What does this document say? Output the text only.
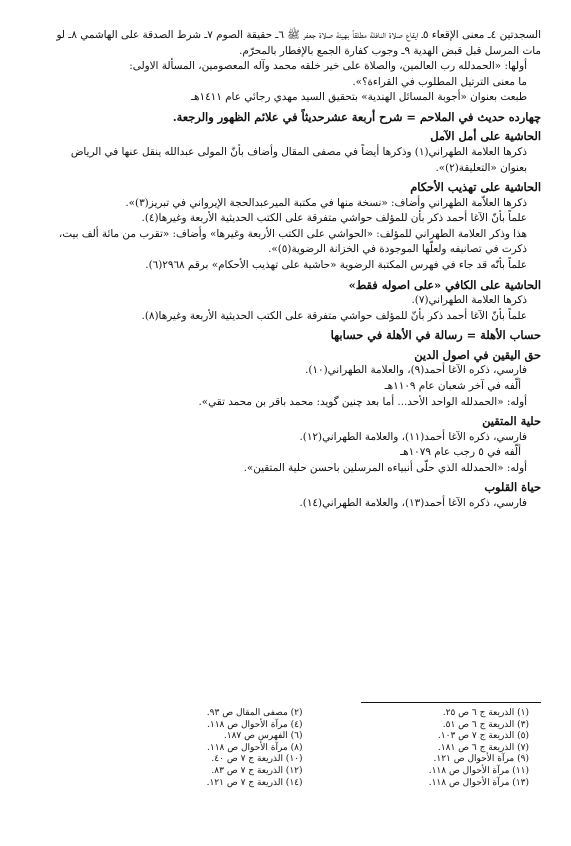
السجدتين ٤ـ معنى الإقعاء ٥ـ ايقاع صلاة النافلة مطلقاً بهيئة صلاة جعفر ﷺ ٦ـ حقيقة الصوم ٧ـ شرط الصدقة على الهاشمي ٨ـ لو مات المرسل قبل قبض الهدية ٩ـ وجوب كفارة الجمع بالإفطار بالمحرّم.

أولها: «الحمدلله رب العالمين، والصلاة على خير خلقه محمد وآله المعصومين، المسألة الاولى:

ما معنى الترتيل المطلوب في القراءة؟».

طبعت بعنوان «أجوبة المسائل الهندية» بتحقيق السيد مهدي رجائي عام ١٤١١هـ

چهارده حديث في الملاحم = شرح أربعة عشرحديثاً في علائم الظهور والرجعة.

الحاشية على أمل الآمل

ذكرها العلامة الطهراني(١) وذكرها أيضاً في مصفى المقال وأضاف بأنّ المولى عبدالله ينقل عنها في الرياض بعنوان «التعليقة(٢)».

الحاشية على تهذيب الأحكام

ذكرها العلاّمة الطهراني وأضاف: «نسخة منها في مكتبة الميرعبدالحجة الإيرواني في تبريز(٣)».

علماً بأنّ الآغا أحمد ذكر بأن للمؤلف حواشي متفرقة على الكتب الحديثية الأربعة وغيرها(٤).

هذا وذكر العلامة الطهراني للمؤلف: «الحواشي على الكتب الأربعة وغيرها» وأضاف: «تقرب من مائة ألف بيت، ذكرت في تصانيفه ولعلّها الموجودة في الخزانة الرضوية(٥)».

علماً بأنّه قد جاء في فهرس المكتبة الرضوية «حاشية على تهذيب الأحكام» برقم ٢٩٦٨(٦).

الحاشية على الكافي «على اصوله فقط»

ذكرها العلامة الطهراني(٧).

علماً بأنّ الآغا أحمد ذكر بأنّ للمؤلف حواشي متفرقة على الكتب الحديثية الأربعة وغيرها(٨).

حساب الأهلة = رسالة في الأهلة في حسابها

حق اليقين في اصول الدين

فارسي، ذكره الآغا أحمد(٩)، والعلامة الطهراني(١٠).

ألّفه في آخر شعبان عام ١١٠٩هـ

أوله: «الحمدلله الواحد الأحد... أما بعد چنين گويد: محمد باقر بن محمد تقي».

حلية المتقين

فارسي، ذكره الآغا أحمد(١١)، والعلامة الطهراني(١٢).

ألّفه في ٥ رجب عام ١٠٧٩هـ

أوله: «الحمدلله الذي حلّى أنبياءه المرسلين باحسن حلية المتقين».

حياة القلوب

فارسي، ذكره الآغا أحمد(١٣)، والعلامة الطهراني(١٤).

(١) الذريعة ج ٦ ص ٢٥.
(٣) الذريعة ج ٦ ص ٥١.
(٥) الذريعة ج ٧ ص ١٠٣.
(٧) الذريعة ج ٦ ص ١٨١.
(٩) مرآة الأحوال ص ١٢١.
(١١) مرآة الأحوال ص ١١٨.
(١٣) مرآة الأحوال ص ١١٨.
(٢) مصفى المقال ص ٩٣.
(٤) مرآة الأحوال ص ١١٨.
(٦) الفهرس ص ١٨٧.
(٨) مرآة الأحوال ص ١١٨.
(١٠) الذريعة ج ٧ ص ٤٠.
(١٢) الذريعة ج ٧ ص ٨٣.
(١٤) الذريعة ج ٧ ص ١٢١.
